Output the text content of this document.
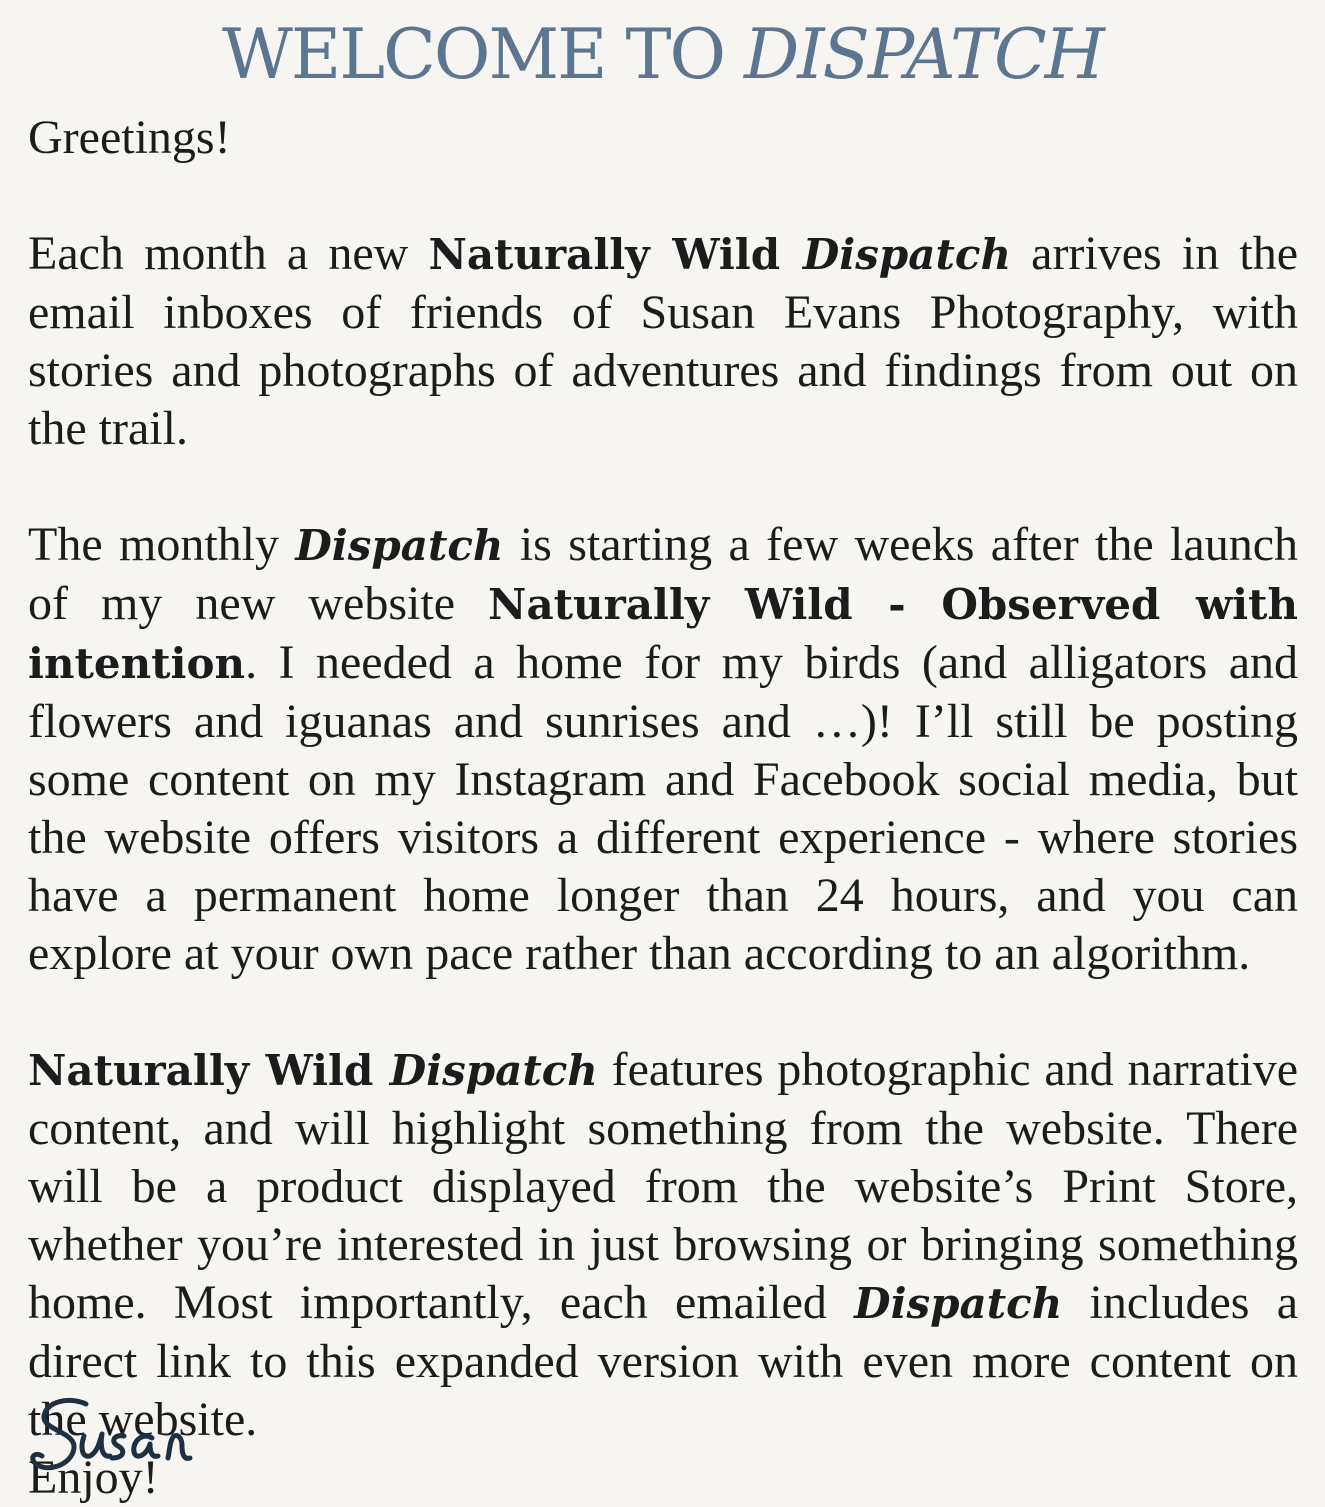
WELCOME TO DISPATCH

Greetings!

Each month a new Naturally Wild Dispatch arrives in the email inboxes of friends of Susan Evans Photography, with stories and photographs of adventures and findings from out on the trail.

The monthly Dispatch is starting a few weeks after the launch of my new website Naturally Wild - Observed with intention. I needed a home for my birds (and alligators and flowers and iguanas and sunrises and …)! I’ll still be posting some content on my Instagram and Facebook social media, but the website offers visitors a different experience - where stories have a permanent home longer than 24 hours, and you can explore at your own pace rather than according to an algorithm.

Naturally Wild Dispatch features photographic and narrative content, and will highlight something from the website. There will be a product displayed from the website’s Print Store, whether you’re interested in just browsing or bringing something home. Most importantly, each emailed Dispatch includes a direct link to this expanded version with even more content on the website.
Enjoy!
